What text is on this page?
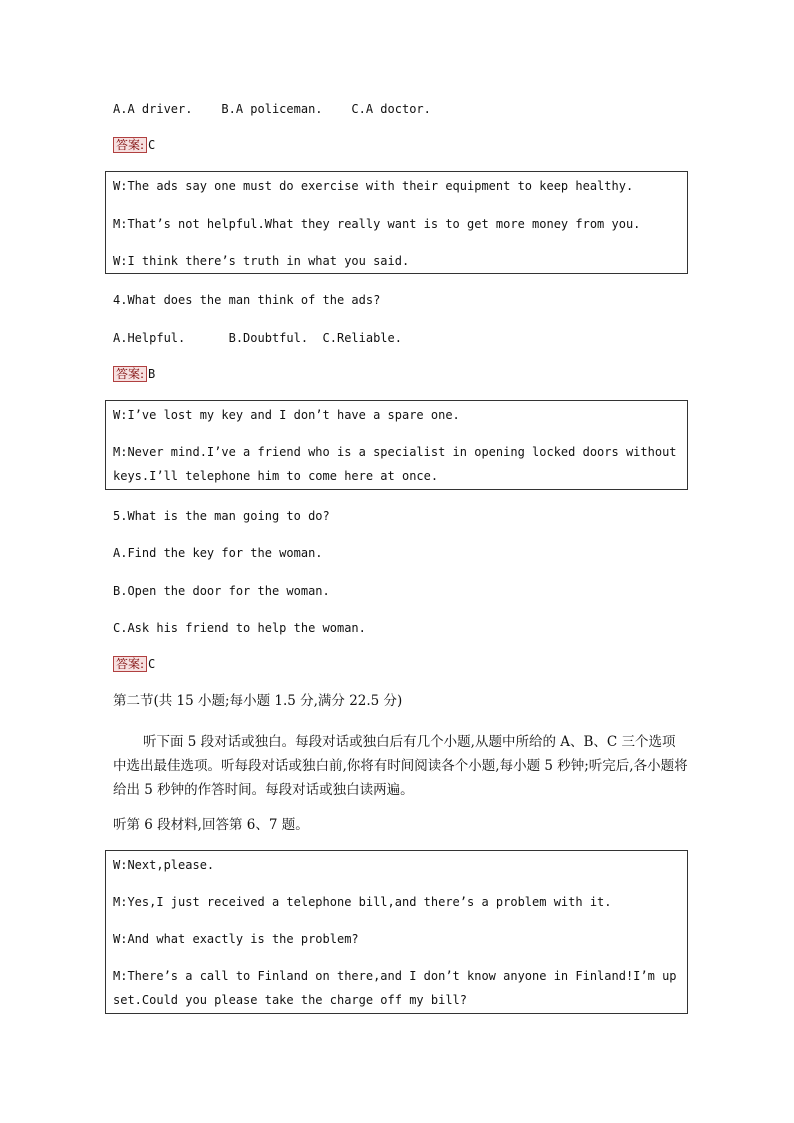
A.A driver.    B.A policeman.    C.A doctor.
答案: C
W:The ads say one must do exercise with their equipment to keep healthy.
M:That’s not helpful.What they really want is to get more money from you.
W:I think there’s truth in what you said.
4.What does the man think of the ads?
A.Helpful.      B.Doubtful.  C.Reliable.
答案: B
W:I’ve lost my key and I don’t have a spare one.
M:Never mind.I’ve a friend who is a specialist in opening locked doors without keys.I’ll telephone him to come here at once.
5.What is the man going to do?
A.Find the key for the woman.
B.Open the door for the woman.
C.Ask his friend to help the woman.
答案: C
第二节(共 15 小题;每小题 1.5 分,满分 22.5 分)
听下面 5 段对话或独白。每段对话或独白后有几个小题,从题中所给的 A、B、C 三个选项中选出最佳选项。听每段对话或独白前,你将有时间阅读各个小题,每小题 5 秒钟;听完后,各小题将给出 5 秒钟的作答时间。每段对话或独白读两遍。
听第 6 段材料,回答第 6、7 题。
W:Next,please.
M:Yes,I just received a telephone bill,and there’s a problem with it.
W:And what exactly is the problem?
M:There’s a call to Finland on there,and I don’t know anyone in Finland!I’m upset.Could you please take the charge off my bill?
